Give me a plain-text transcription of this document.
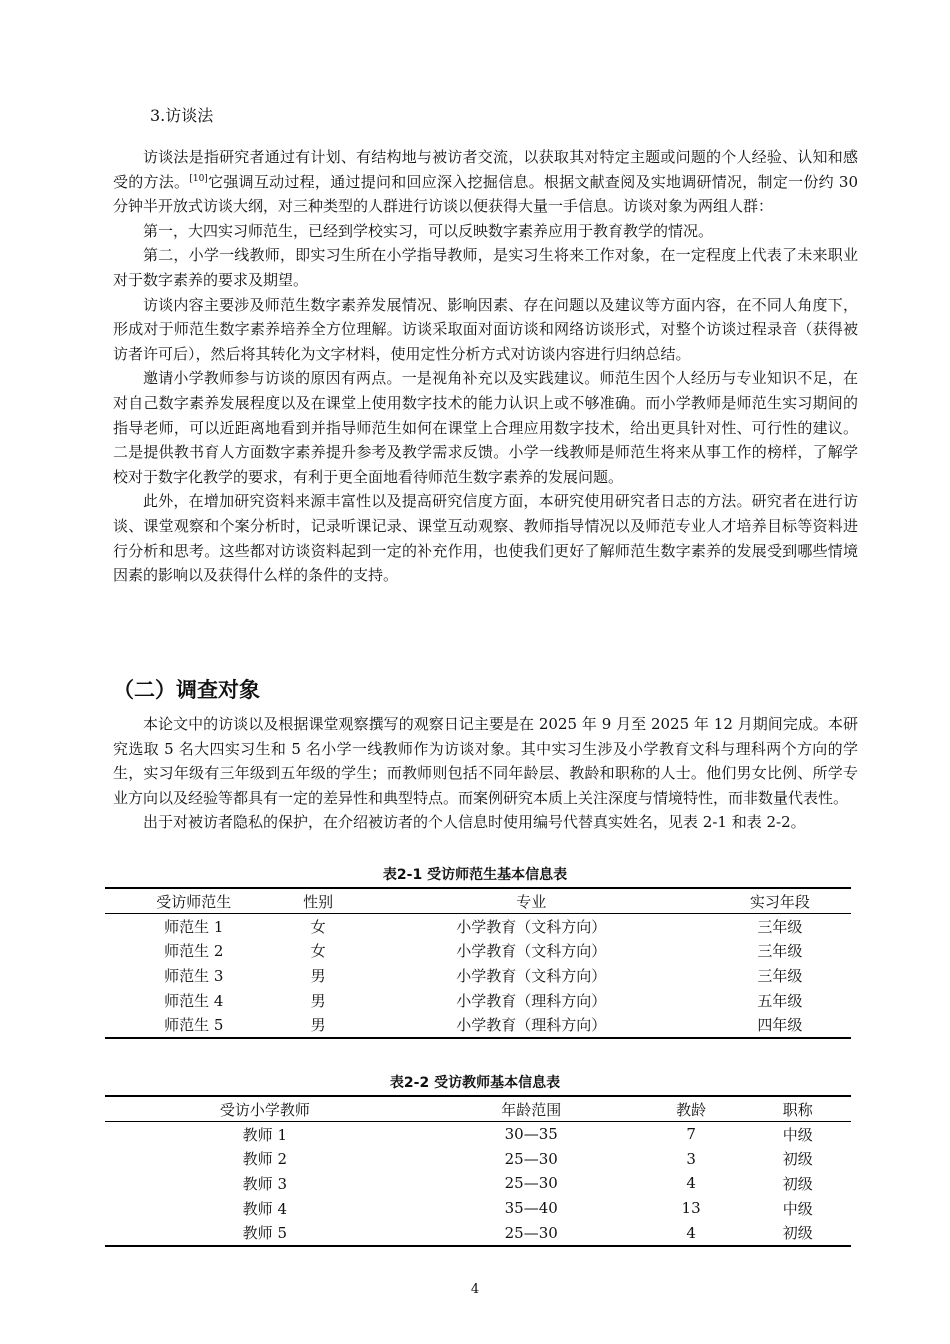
3.访谈法

访谈法是指研究者通过有计划、有结构地与被访者交流，以获取其对特定主题或问题的个人经验、认知和感受的方法。[10]它强调互动过程，通过提问和回应深入挖掘信息。根据文献查阅及实地调研情况，制定一份约 30 分钟半开放式访谈大纲，对三种类型的人群进行访谈以便获得大量一手信息。访谈对象为两组人群：

第一，大四实习师范生，已经到学校实习，可以反映数字素养应用于教育教学的情况。

第二，小学一线教师，即实习生所在小学指导教师，是实习生将来工作对象，在一定程度上代表了未来职业对于数字素养的要求及期望。

访谈内容主要涉及师范生数字素养发展情况、影响因素、存在问题以及建议等方面内容，在不同人角度下，形成对于师范生数字素养培养全方位理解。访谈采取面对面访谈和网络访谈形式，对整个访谈过程录音（获得被访者许可后），然后将其转化为文字材料，使用定性分析方式对访谈内容进行归纳总结。

邀请小学教师参与访谈的原因有两点。一是视角补充以及实践建议。师范生因个人经历与专业知识不足，在对自己数字素养发展程度以及在课堂上使用数字技术的能力认识上或不够准确。而小学教师是师范生实习期间的指导老师，可以近距离地看到并指导师范生如何在课堂上合理应用数字技术，给出更具针对性、可行性的建议。二是提供教书育人方面数字素养提升参考及教学需求反馈。小学一线教师是师范生将来从事工作的榜样，了解学校对于数字化教学的要求，有利于更全面地看待师范生数字素养的发展问题。

此外，在增加研究资料来源丰富性以及提高研究信度方面，本研究使用研究者日志的方法。研究者在进行访谈、课堂观察和个案分析时，记录听课记录、课堂互动观察、教师指导情况以及师范专业人才培养目标等资料进行分析和思考。这些都对访谈资料起到一定的补充作用，也使我们更好了解师范生数字素养的发展受到哪些情境因素的影响以及获得什么样的条件的支持。

（二）调查对象

本论文中的访谈以及根据课堂观察撰写的观察日记主要是在 2025 年 9 月至 2025 年 12 月期间完成。本研究选取 5 名大四实习生和 5 名小学一线教师作为访谈对象。其中实习生涉及小学教育文科与理科两个方向的学生，实习年级有三年级到五年级的学生；而教师则包括不同年龄层、教龄和职称的人士。他们男女比例、所学专业方向以及经验等都具有一定的差异性和典型特点。而案例研究本质上关注深度与情境特性，而非数量代表性。

出于对被访者隐私的保护，在介绍被访者的个人信息时使用编号代替真实姓名，见表 2-1 和表 2-2。

表2-1 受访师范生基本信息表
受访师范生	性别	专业	实习年段
师范生 1	女	小学教育（文科方向）	三年级
师范生 2	女	小学教育（文科方向）	三年级
师范生 3	男	小学教育（文科方向）	三年级
师范生 4	男	小学教育（理科方向）	五年级
师范生 5	男	小学教育（理科方向）	四年级
表2-2 受访教师基本信息表
受访小学教师	年龄范围	教龄	职称
教师 1	30—35	7	中级
教师 2	25—30	3	初级
教师 3	25—30	4	初级
教师 4	35—40	13	中级
教师 5	25—30	4	初级
4
